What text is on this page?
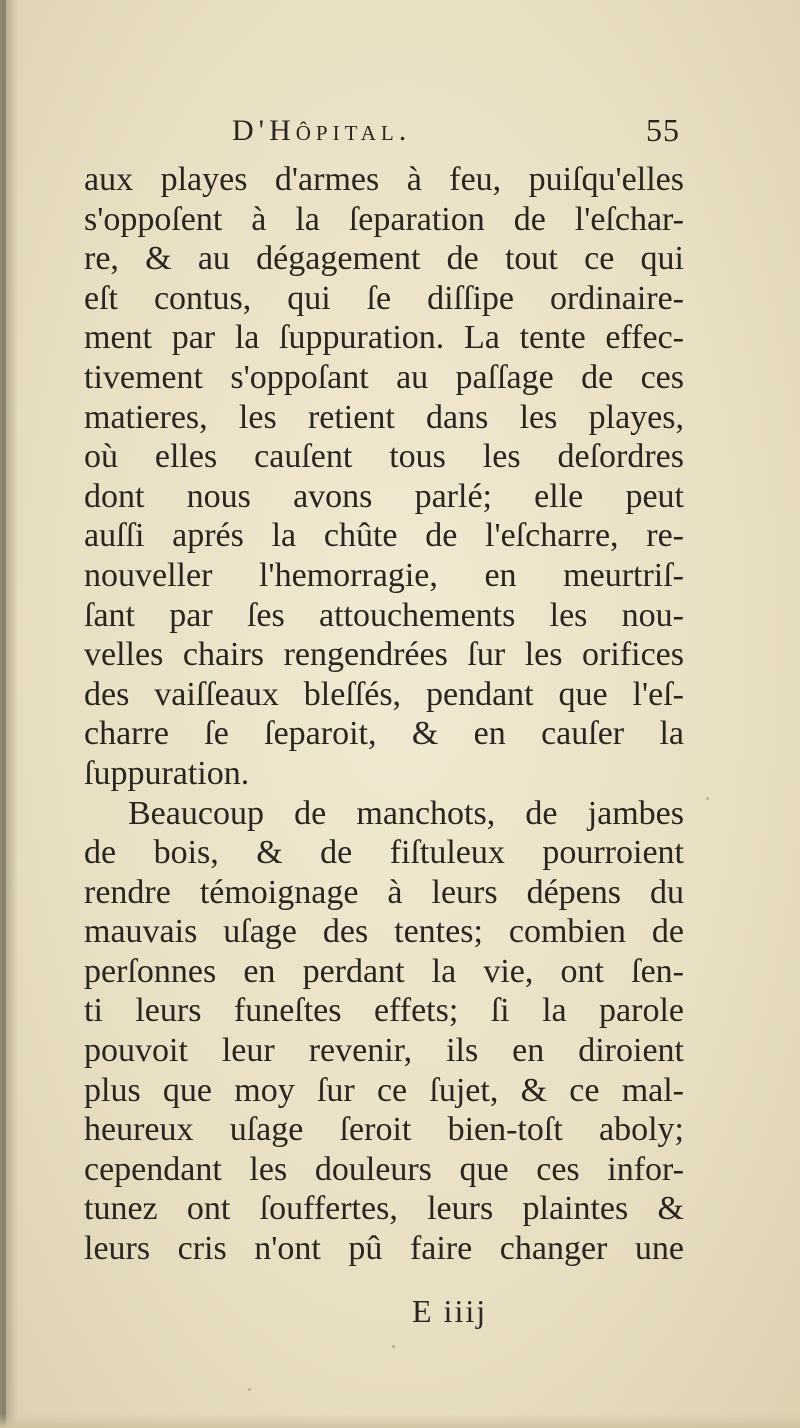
D'Hôpital.	55
aux playes d'armes à feu, puiſqu'elles
s'oppoſent à la ſeparation de l'eſchar-
re, & au dégagement de tout ce qui
eſt contus, qui ſe diſſipe ordinaire-
ment par la ſuppuration. La tente effec-
tivement s'oppoſant au paſſage de ces
matieres, les retient dans les playes,
où elles cauſent tous les deſordres
dont nous avons parlé; elle peut
auſſi aprés la chûte de l'eſcharre, re-
nouveller l'hemorragie, en meurtriſ-
ſant par ſes attouchements les nou-
velles chairs rengendrées ſur les orifices
des vaiſſeaux bleſſés, pendant que l'eſ-
charre ſe ſeparoit, & en cauſer la
ſuppuration.
Beaucoup de manchots, de jambes
de bois, & de fiſtuleux pourroient
rendre témoignage à leurs dépens du
mauvais uſage des tentes; combien de
perſonnes en perdant la vie, ont ſen-
ti leurs funeſtes effets; ſi la parole
pouvoit leur revenir, ils en diroient
plus que moy ſur ce ſujet, & ce mal-
heureux uſage ſeroit bien-toſt aboly;
cependant les douleurs que ces infor-
tunez ont ſouffertes, leurs plaintes &
leurs cris n'ont pû faire changer une
E iiij
